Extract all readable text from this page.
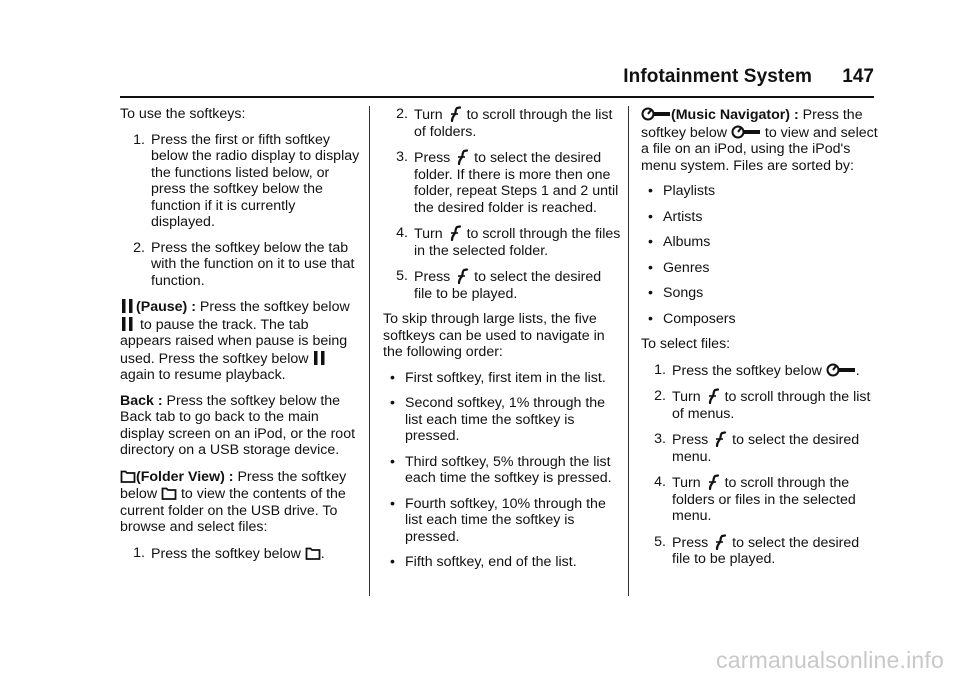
Infotainment System 147

To use the softkeys:

1. Press the first or fifth softkey below the radio display to display the functions listed below, or press the softkey below the function if it is currently displayed.
2. Press the softkey below the tab with the function on it to use that function.

(Pause) : Press the softkey below
to pause the track. The tab appears raised when pause is being used. Press the softkey below
again to resume playback.

Back : Press the softkey below the Back tab to go back to the main display screen on an iPod, or the root directory on a USB storage device.

(Folder View) : Press the softkey below to view the contents of the current folder on the USB drive. To browse and select files:

1. Press the softkey below .
2. Turn to scroll through the list of folders.
3. Press to select the desired folder. If there is more then one folder, repeat Steps 1 and 2 until the desired folder is reached.
4. Turn to scroll through the files in the selected folder.
5. Press to select the desired file to be played.

To skip through large lists, the five softkeys can be used to navigate in the following order:

• First softkey, first item in the list.
• Second softkey, 1% through the list each time the softkey is pressed.
• Third softkey, 5% through the list each time the softkey is pressed.
• Fourth softkey, 10% through the list each time the softkey is pressed.
• Fifth softkey, end of the list.

(Music Navigator) : Press the softkey below	to view and select a file on an iPod, using the iPod's menu system. Files are sorted by:

• Playlists
• Artists
• Albums
• Genres
• Songs
• Composers

To select files:

1. Press the softkey below .
2. Turn to scroll through the list of menus.
3. Press to select the desired menu.
4. Turn to scroll through the folders or files in the selected menu.
5. Press to select the desired file to be played.
carmanualsonline.info
